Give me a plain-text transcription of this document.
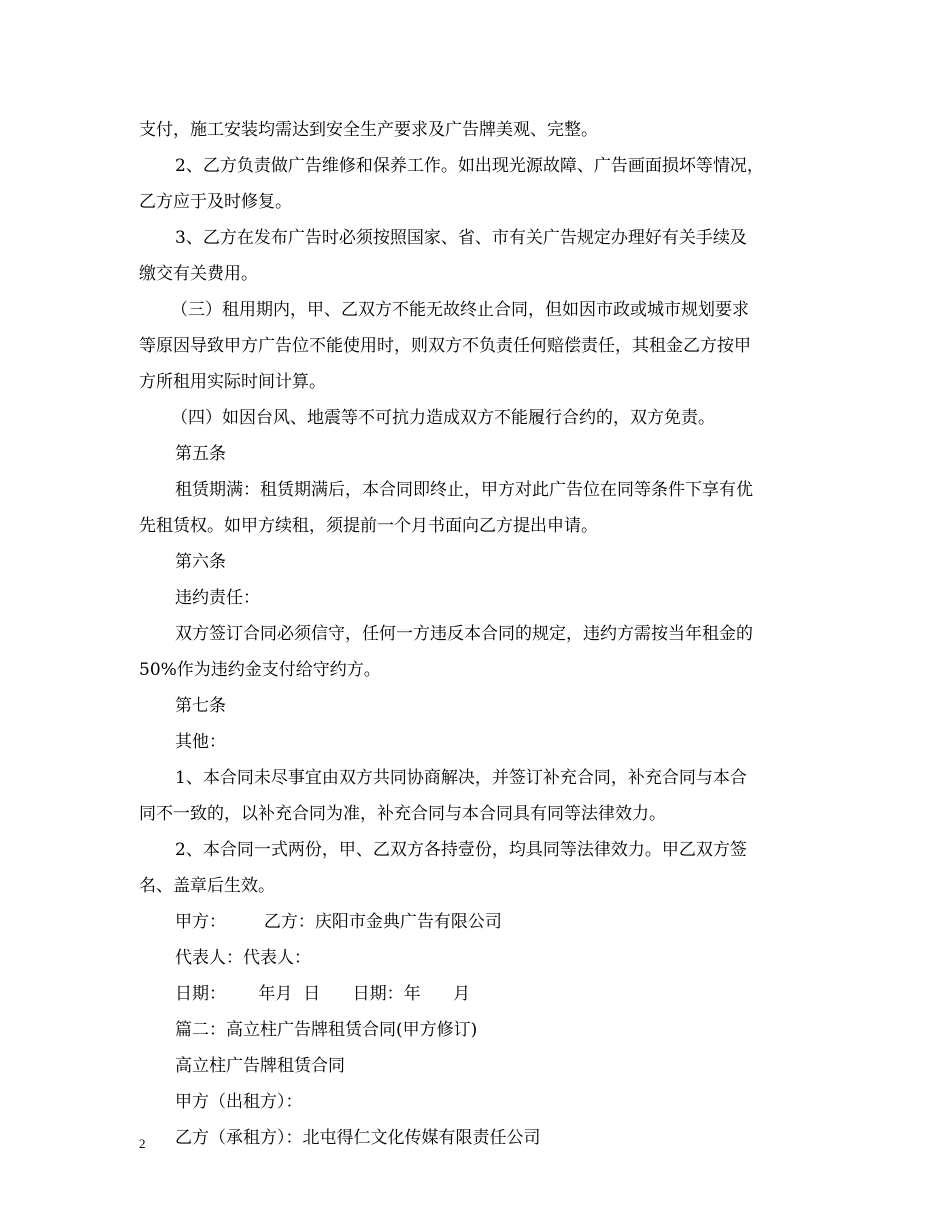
支付，施工安装均需达到安全生产要求及广告牌美观、完整。
2、乙方负责做广告维修和保养工作。如出现光源故障、广告画面损坏等情况，
乙方应于及时修复。
3、乙方在发布广告时必须按照国家、省、市有关广告规定办理好有关手续及
缴交有关费用。
（三）租用期内，甲、乙双方不能无故终止合同，但如因市政或城市规划要求
等原因导致甲方广告位不能使用时，则双方不负责任何赔偿责任，其租金乙方按甲
方所租用实际时间计算。
（四）如因台风、地震等不可抗力造成双方不能履行合约的，双方免责。
第五条
租赁期满：租赁期满后，本合同即终止，甲方对此广告位在同等条件下享有优
先租赁权。如甲方续租，须提前一个月书面向乙方提出申请。
第六条
违约责任：
双方签订合同必须信守，任何一方违反本合同的规定，违约方需按当年租金的
50%作为违约金支付给守约方。
第七条
其他：
1、本合同未尽事宜由双方共同协商解决，并签订补充合同，补充合同与本合
同不一致的，以补充合同为准，补充合同与本合同具有同等法律效力。
2、本合同一式两份，甲、乙双方各持壹份，均具同等法律效力。甲乙双方签
名、盖章后生效。
甲方：       乙方：庆阳市金典广告有限公司
代表人：代表人：
日期：      年月  日      日期：年      月
篇二：高立柱广告牌租赁合同(甲方修订)
高立柱广告牌租赁合同
甲方（出租方）：
乙方（承租方）：北屯得仁文化传媒有限责任公司
2
